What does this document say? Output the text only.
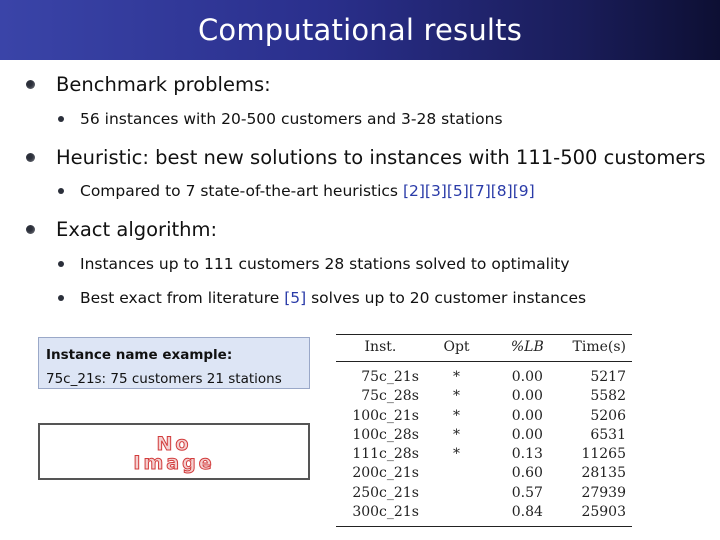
Computational results
Benchmark problems:
56 instances with 20-500 customers and 3-28 stations
Heuristic: best new solutions to instances with 111-500 customers
Compared to 7 state-of-the-art heuristics [2][3][5][7][8][9]
Exact algorithm:
Instances up to 111 customers 28 stations solved to optimality
Best exact from literature [5] solves up to 20 customer instances
Instance name example:
75c_21s: 75 customers 21 stations
No
Image
Inst.	Opt	%LB	Time(s)
75c_21s	*	0.00	5217
75c_28s	*	0.00	5582
100c_21s	*	0.00	5206
100c_28s	*	0.00	6531
111c_28s	*	0.13	11265
200c_21s		0.60	28135
250c_21s		0.57	27939
300c_21s		0.84	25903
